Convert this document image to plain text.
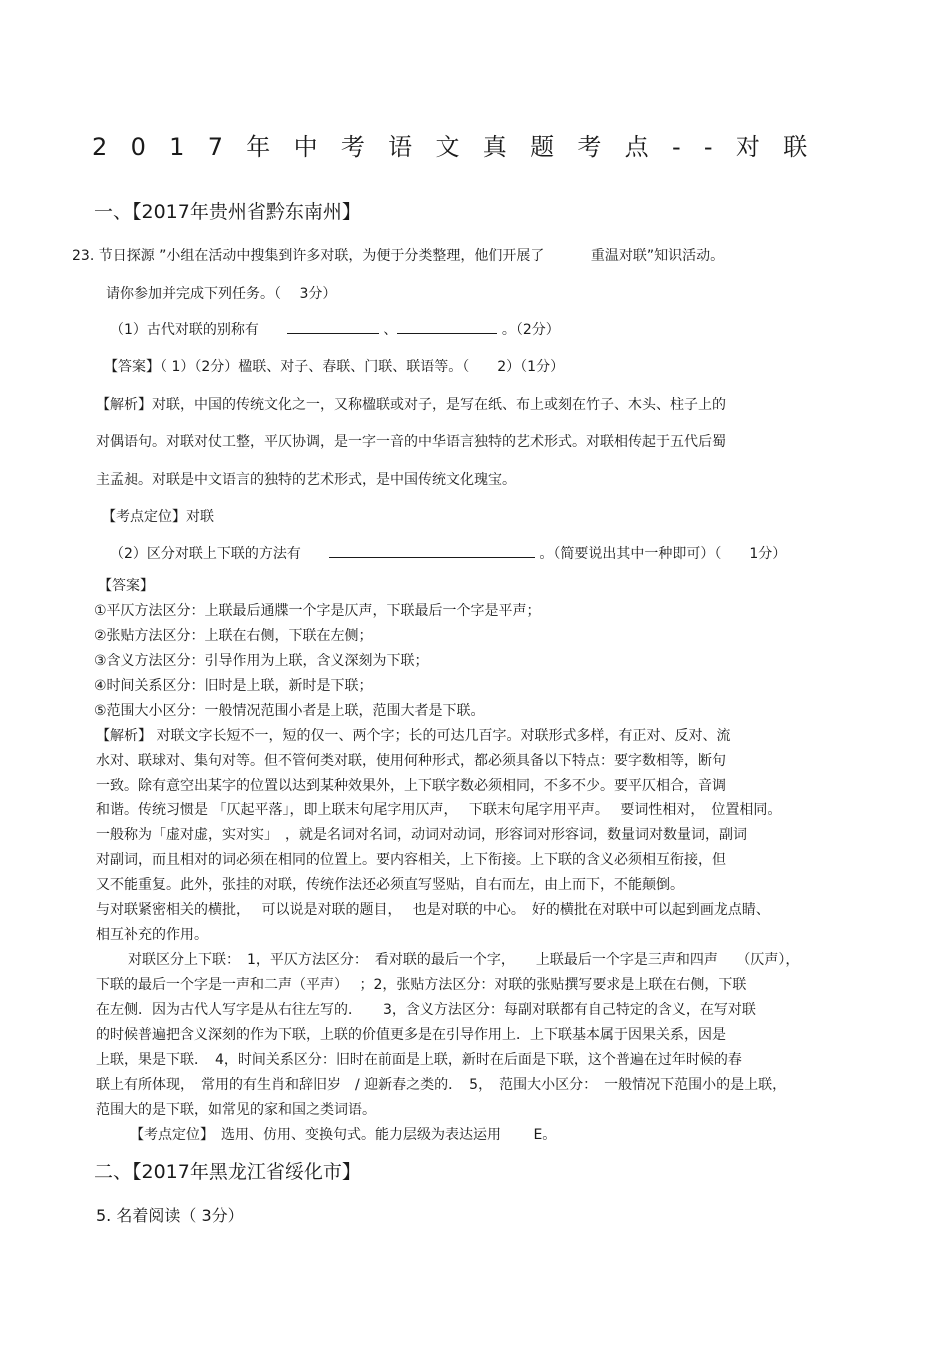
2017年中考语文真题考点--对联
一、【2017年贵州省黔东南州】
23. 节日探源 ”小组在活动中搜集到许多对联，为便于分类整理，他们开展了　　　 重温对联”知识活动。
请你参加并完成下列任务。（　 3分）
（1）古代对联的别称有　　	、	。（2分）
【答案】（ 1）（2分）楹联、对子、春联、门联、联语等。（　　2）（1分）
【解析】对联，中国的传统文化之一，又称楹联或对子，是写在纸、布上或刻在竹子、木头、柱子上的
对偶语句。对联对仗工整，平仄协调，是一字一音的中华语言独特的艺术形式。对联相传起于五代后蜀
主孟昶。对联是中文语言的独特的艺术形式，是中国传统文化瑰宝。
【考点定位】对联
（2）区分对联上下联的方法有　　	。（简要说出其中一种即可）（　　1分）
【答案】
①平仄方法区分：上联最后通牒一个字是仄声，下联最后一个字是平声；
②张贴方法区分：上联在右侧，下联在左侧；
③含义方法区分：引导作用为上联，含义深刻为下联；
④时间关系区分：旧时是上联，新时是下联；
⑤范围大小区分：一般情况范围小者是上联，范围大者是下联。
【解析】 对联文字长短不一，短的仅一、两个字；长的可达几百字。对联形式多样，有正对、反对、流
水对、联球对、集句对等。但不管何类对联，使用何种形式，都必须具备以下特点：要字数相等，断句
一致。除有意空出某字的位置以达到某种效果外，上下联字数必须相同，不多不少。要平仄相合，音调
和谐。传统习惯是 「仄起平落」，即上联末句尾字用仄声，　 下联末句尾字用平声。　 要词性相对，　位置相同。
一般称为「虚对虚，实对实」　，就是名词对名词，动词对动词，形容词对形容词，数量词对数量词，副词
对副词，而且相对的词必须在相同的位置上。要内容相关，上下衔接。上下联的含义必须相互衔接，但
又不能重复。此外，张挂的对联，传统作法还必须直写竖贴，自右而左，由上而下，不能颠倒。
与对联紧密相关的横批，　 可以说是对联的题目，　 也是对联的中心。　好的横批在对联中可以起到画龙点睛、
相互补充的作用。
对联区分上下联：　1，平仄方法区分：　看对联的最后一个字，　　上联最后一个字是三声和四声　 （仄声），
下联的最后一个字是一声和二声（平声）　 ；2，张贴方法区分：对联的张贴撰写要求是上联在右侧，下联
在左侧．因为古代人写字是从右往左写的．　　3，含义方法区分：每副对联都有自己特定的含义，在写对联
的时候普遍把含义深刻的作为下联，上联的价值更多是在引导作用上．上下联基本属于因果关系，因是
上联，果是下联．　4，时间关系区分：旧时在前面是上联，新时在后面是下联，这个普遍在过年时候的春
联上有所体现，　常用的有生肖和辞旧岁　/ 迎新春之类的．　5，　范围大小区分：　一般情况下范围小的是上联，
范围大的是下联，如常见的家和国之类词语。
【考点定位】　选用、仿用、变换句式。能力层级为表达运用　　 E。
二、【2017年黑龙江省绥化市】
5. 名着阅读（ 3分）
